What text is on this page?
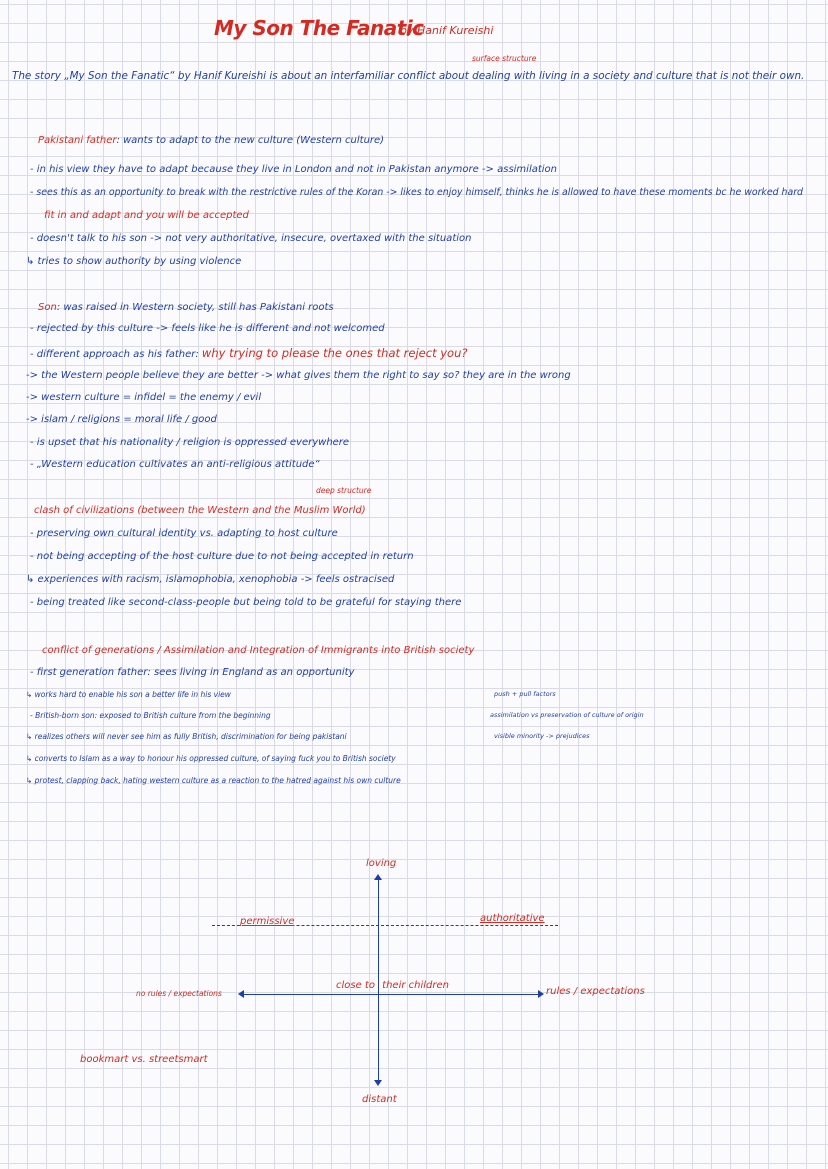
My Son The Fanatic
by Hanif Kureishi
surface structure
The story „My Son the Fanatic“ by Hanif Kureishi is about an interfamiliar conflict about dealing with living in a society and culture that is not their own.
Pakistani father: wants to adapt to the new culture (Western culture)
- in his view they have to adapt because they live in London and not in Pakistan anymore -> assimilation
- sees this as an opportunity to break with the restrictive rules of the Koran -> likes to enjoy himself, thinks he is allowed to have these moments bc he worked hard
fit in and adapt and you will be accepted
- doesn't talk to his son -> not very authoritative, insecure, overtaxed with the situation
↳ tries to show authority by using violence
Son: was raised in Western society, still has Pakistani roots
- rejected by this culture -> feels like he is different and not welcomed
- different approach as his father: why trying to please the ones that reject you?
-> the Western people believe they are better -> what gives them the right to say so? they are in the wrong
-> western culture = infidel = the enemy / evil
-> islam / religions = moral life / good
- is upset that his nationality / religion is oppressed everywhere
- „Western education cultivates an anti-religious attitude“
deep structure
clash of civilizations (between the Western and the Muslim World)
- preserving own cultural identity vs. adapting to host culture
- not being accepting of the host culture due to not being accepted in return
↳ experiences with racism, islamophobia, xenophobia -> feels ostracised
- being treated like second-class-people but being told to be grateful for staying there
conflict of generations / Assimilation and Integration of Immigrants into British society
- first generation father: sees living in England as an opportunity
↳ works hard to enable his son a better life in his view
- British-born son: exposed to British culture from the beginning
↳ realizes others will never see him as fully British, discrimination for being pakistani
↳ converts to Islam as a way to honour his oppressed culture, of saying fuck you to British society
↳ protest, clapping back, hating western culture as a reaction to the hatred against his own culture
push + pull factors
assimilation vs preservation of culture of origin
visible minority -> prejudices
loving
distant
no rules / expectations	rules / expectations
permissive	authoritative
close to their children
bookmart vs. streetsmart
